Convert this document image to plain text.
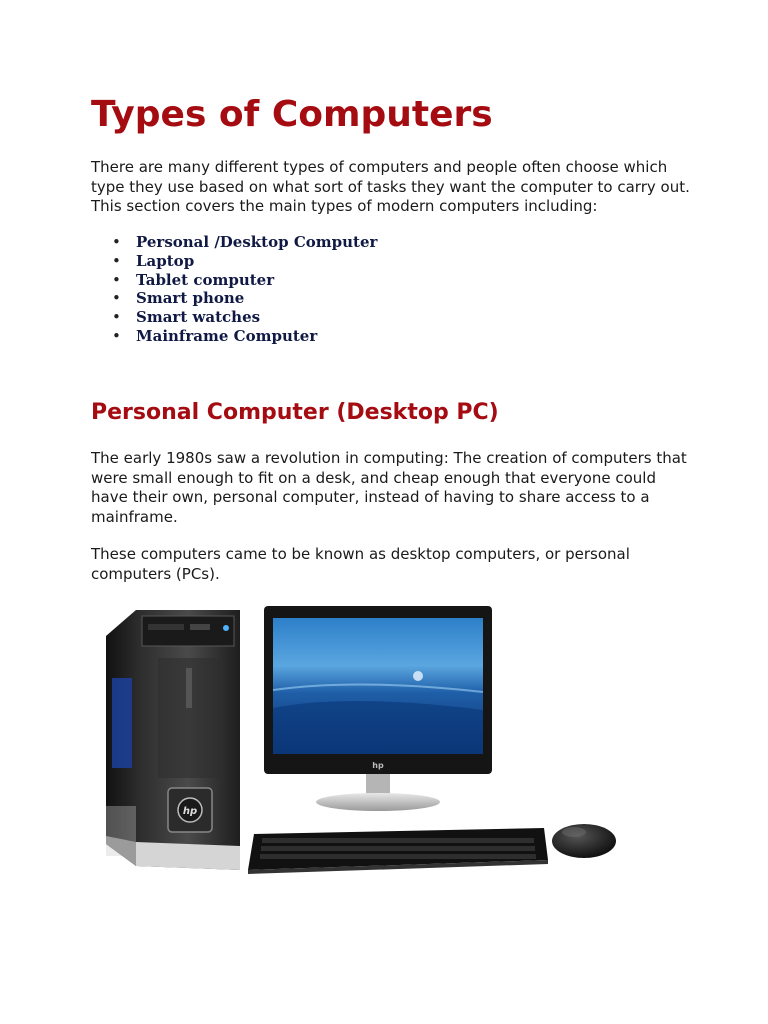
Types of Computers

There are many different types of computers and people often choose which type they use based on what sort of tasks they want the computer to carry out. This section covers the main types of modern computers including:

• Personal /Desktop Computer
• Laptop
• Tablet computer
• Smart phone
• Smart watches
• Mainframe Computer
Personal Computer (Desktop PC)

The early 1980s saw a revolution in computing: The creation of computers that were small enough to fit on a desk, and cheap enough that everyone could have their own, personal computer, instead of having to share access to a mainframe.

These computers came to be known as desktop computers, or personal computers (PCs).

hp
hp
